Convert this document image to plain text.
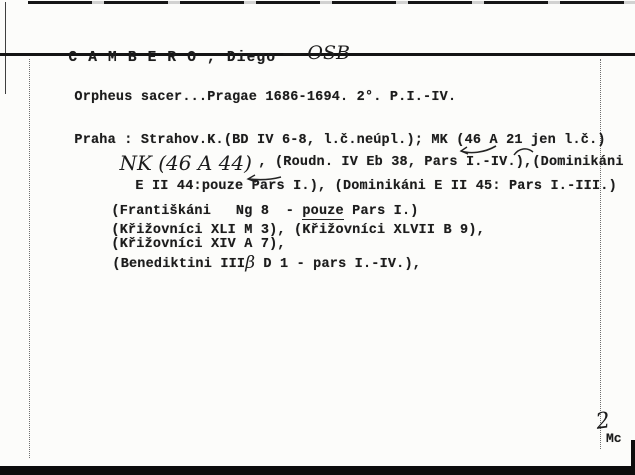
C A M B E R O , Diego — OSB

Orpheus sacer...Pragae 1686-1694. 2°. P.I.-IV.

Praha : Strahov.K.(BD IV 6-8, l.č.neúpl.); MK (46 A 21 jen l.č.)

NK (46 A 44)
, (Roudn. IV Eb 38, Pars I.-IV.),(Dominikáni

E II 44:pouze Pars I.), (Dominikáni E II 45: Pars I.-III.)

(Františkáni   Ng 8  - pouze Pars I.)

(Křižovníci XLI M 3), (Křižovníci XLVII B 9),

(Křižovníci XIV A 7),

(Benediktini IIIβ D 1 - pars I.-IV.),

2
Mc
